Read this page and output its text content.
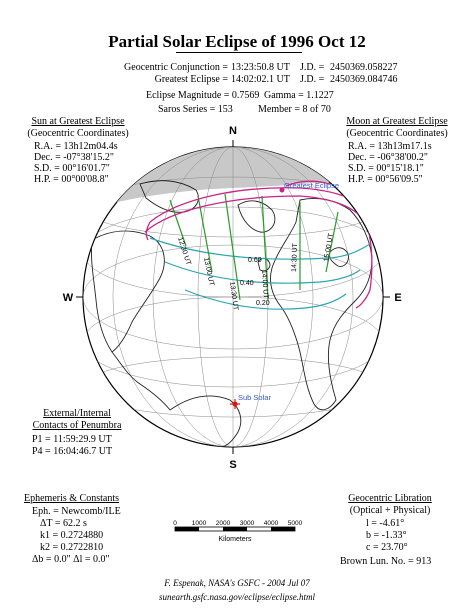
Partial Solar Eclipse of 1996 Oct 12
Geocentric Conjunction = 13:23:50.8 UT J.D. = 2450369.058227
Greatest Eclipse = 14:02:02.1 UT J.D. = 2450369.084746
Eclipse Magnitude = 0.7569 Gamma = 1.1227
Saros Series = 153	Member = 8 of 70
Sun at Greatest Eclipse
(Geocentric Coordinates)
R.A. = 13h12m04.4s
Dec. = -07°38'15.2"
S.D. = 00°16'01.7"
H.P. = 00°00'08.8"
Moon at Greatest Eclipse
(Geocentric Coordinates)
R.A. = 13h13m17.1s
Dec. = -06°38'00.2"
S.D. = 00°15'18.1"
H.P. = 00°56'09.5"
N
S
W	E
Greatest Eclipse
Sub Solar
12:30 UT
13:00 UT
13:30 UT	14:00 UT
14:30 UT	15:00 UT
0.60
0.40
0.20
0 1000 2000 3000 4000 5000
Kilometers
External/Internal
Contacts of Penumbra
P1 = 11:59:29.9 UT
P4 = 16:04:46.7 UT
Ephemeris & Constants
Eph. = Newcomb/ILE
ΔT = 62.2 s
k1 = 0.2724880
k2 = 0.2722810
Δb = 0.0" Δl = 0.0"
Geocentric Libration
(Optical + Physical)
l = -4.61°
b = -1.33°
c = 23.70°
Brown Lun. No. = 913
F. Espenak, NASA's GSFC - 2004 Jul 07
sunearth.gsfc.nasa.gov/eclipse/eclipse.html
